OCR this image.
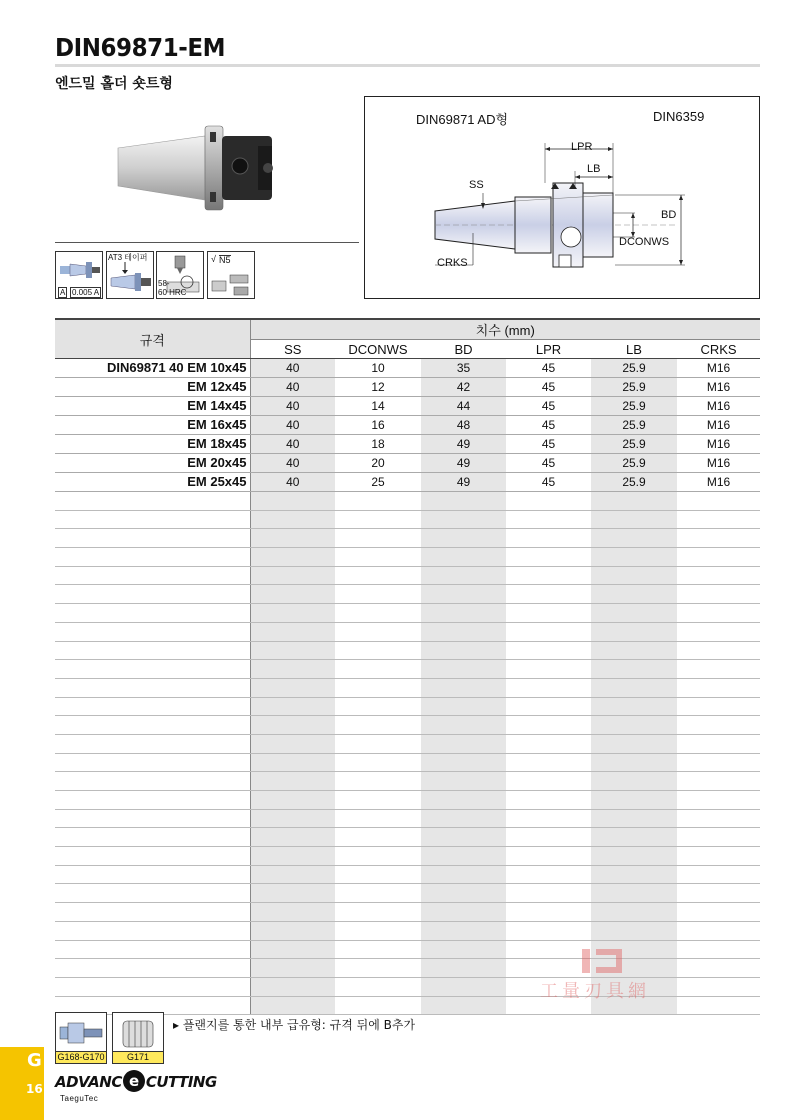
DIN69871-EM
엔드밀 홀더 숏트형
A 0.005 A
AT3 테이퍼
58-
60 HRC
√ N5
DIN69871 AD형	DIN6359
LPR
LB
SS
BD
DCONWS
CRKS
규격	치수 (mm)					
	SS	DCONWS	BD	LPR	LB	CRKS
DIN69871 40 EM 10x45	40	10	35	45	25.9	M16
EM 12x45	40	12	42	45	25.9	M16
EM 14x45	40	14	44	45	25.9	M16
EM 16x45	40	16	48	45	25.9	M16
EM 18x45	40	18	49	45	25.9	M16
EM 20x45	40	20	49	45	25.9	M16
EM 25x45	40	25	49	45	25.9	M16

工量刃具網
G168-G170	G171
▸ 플랜지를 통한 내부 급유형: 규격 뒤에 B추가
G
16 ADVANC e CUTTING
TaeguTec
